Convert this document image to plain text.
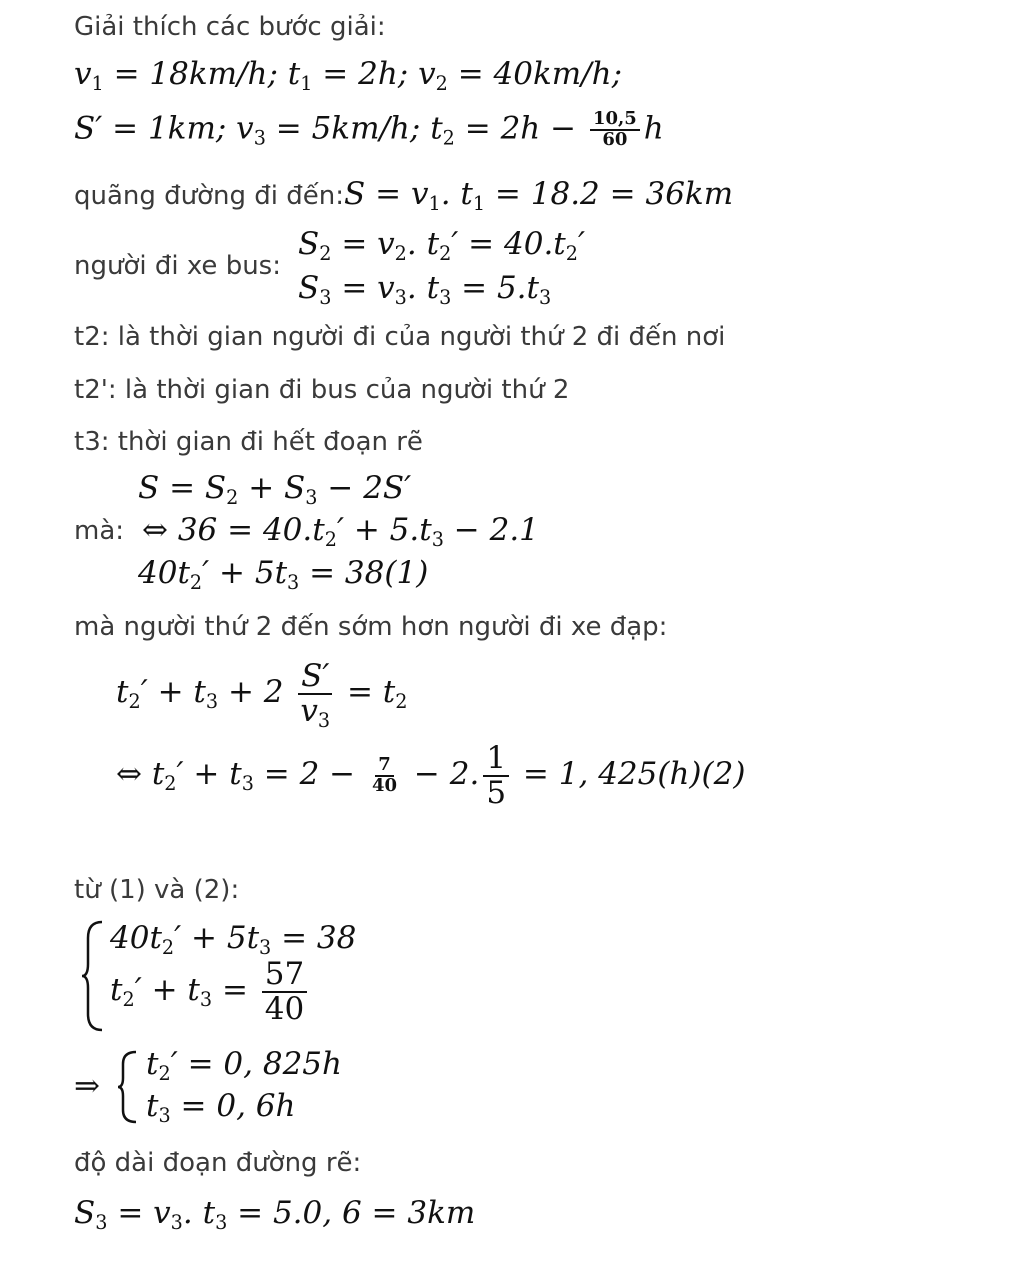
Giải thích các bước giải:
$v_1 = 18km/h$; $t_1 = 2h$; $v_2 = 40km/h$;
S′ = 1km; $v_3 = 5km/h$; $t_2 = 2h - \frac{10,5}{60}$ h
quãng đường đi đến:S = $v_1$. $t_1 = 18.2 = 36km$
người đi xe bus:
$S_2 = v_2$. $t_2' = 40.t_2'$
$S_3 = v_3$. $t_3 = 5.t_3$
t2: là thời gian người đi của người thứ 2 đi đến nơi
t2': là thời gian đi bus của người thứ 2
t3: thời gian đi hết đoạn rẽ
mà:
$S = S_2 + S_3 - 2S'$
⇔ $36 = 40.t_2' + 5.t_3 - 2.1$
$40t_2' + 5t_3 = 38(1)$
mà người thứ 2 đến sớm hơn người đi xe đạp:
$t_2' + t_3 + 2 \frac{S'}{v_3} = t_2$
⇔ $t_2' + t_3 = 2 - \frac{7}{40} - 2$. $\frac{1}{5} = 1$, 425(h)(2)
từ (1) và (2):
$40t_2' + 5t_3 = 38$
$t_2' + t_3 = \frac{57}{40}$
⇒
$t_2' = 0$, 825h
$t_3 = 0$, 6h
độ dài đoạn đường rẽ:
$S_3 = v_3$. $t_3 = 5.0$, 6 = 3km
